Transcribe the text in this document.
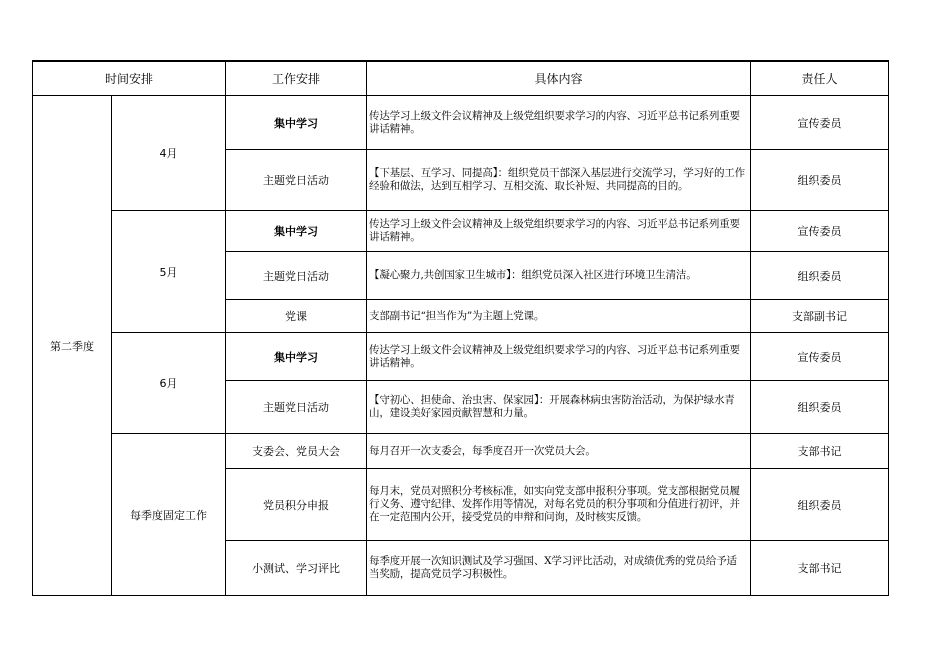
时间安排		工作安排	具体内容	责任人
第二季度	4月	集中学习	传达学习上级文件会议精神及上级党组织要求学习的内容、习近平总书记系列重要讲话精神。	宣传委员
		主题党日活动	【下基层、互学习、同提高】：组织党员干部深入基层进行交流学习，学习好的工作经验和做法，达到互相学习、互相交流、取长补短、共同提高的目的。	组织委员
	5月	集中学习	传达学习上级文件会议精神及上级党组织要求学习的内容、习近平总书记系列重要讲话精神。	宣传委员
		主题党日活动	【凝心聚力,共创国家卫生城市】：组织党员深入社区进行环境卫生清洁。	组织委员
		党课	支部副书记“担当作为”为主题上党课。	支部副书记
	6月	集中学习	传达学习上级文件会议精神及上级党组织要求学习的内容、习近平总书记系列重要讲话精神。	宣传委员
		主题党日活动	【守初心、担使命、治虫害、保家园】：开展森林病虫害防治活动，为保护绿水青山，建设美好家园贡献智慧和力量。	组织委员
	每季度固定工作	支委会、党员大会	每月召开一次支委会，每季度召开一次党员大会。	支部书记
		党员积分申报	每月末，党员对照积分考核标准，如实向党支部申报积分事项。党支部根据党员履行义务、遵守纪律、发挥作用等情况，对每名党员的积分事项和分值进行初评，并在一定范围内公开，接受党员的申辩和问询，及时核实反馈。	组织委员
		小测试、学习评比	每季度开展一次知识测试及学习强国、X学习评比活动，对成绩优秀的党员给予适当奖励，提高党员学习积极性。	支部书记
